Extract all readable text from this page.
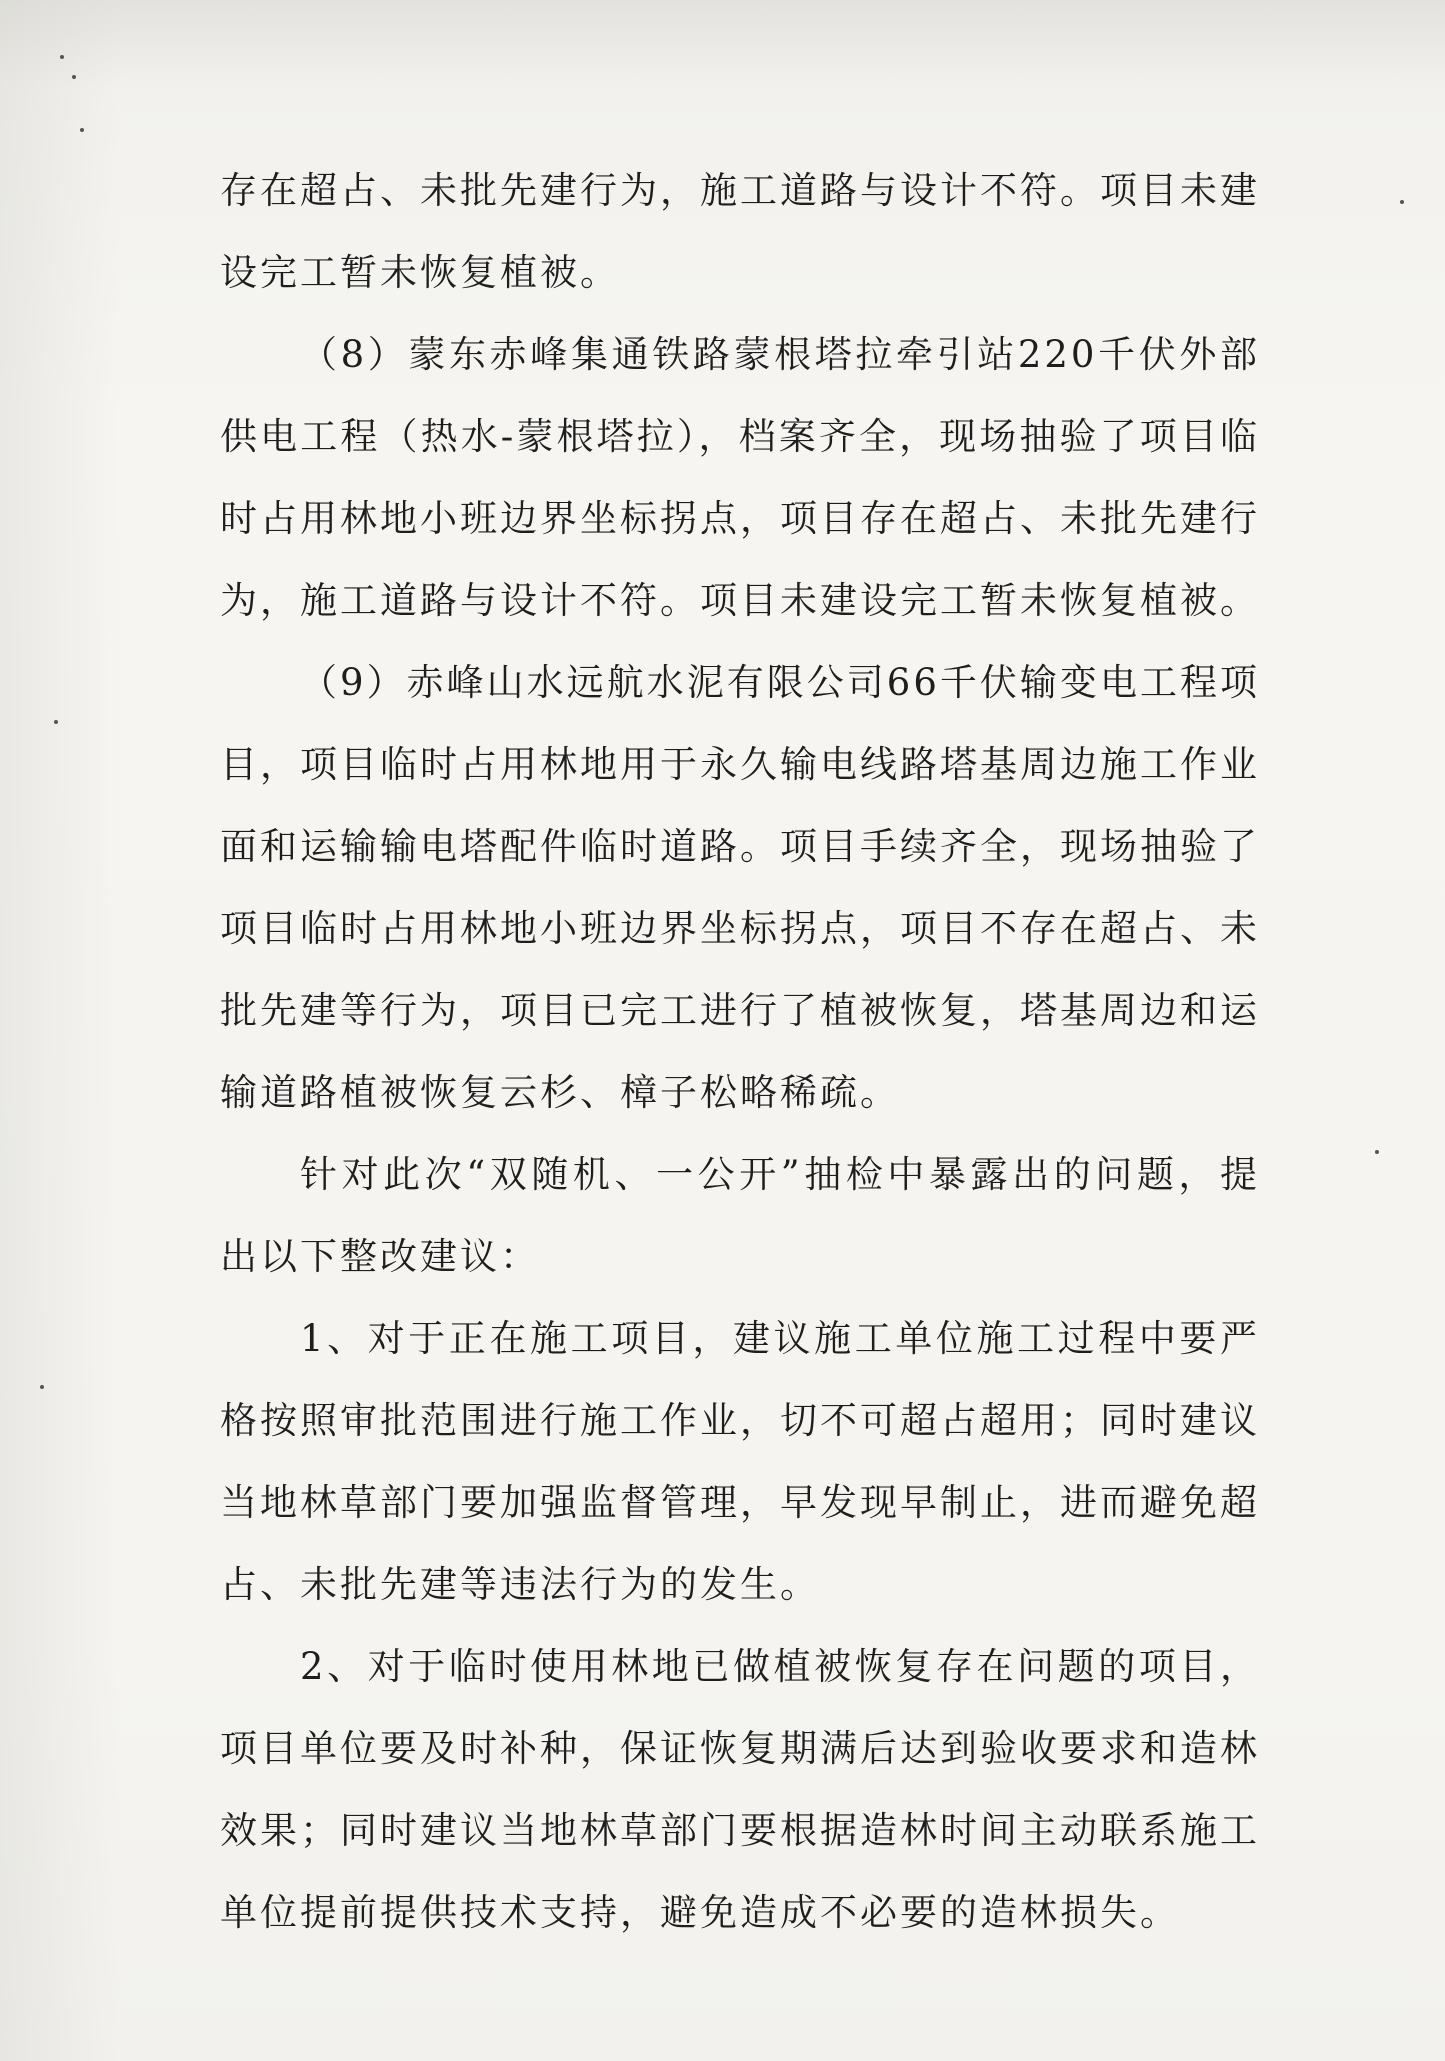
存在超占、未批先建行为，施工道路与设计不符。项目未建设完工暂未恢复植被。

（8）蒙东赤峰集通铁路蒙根塔拉牵引站220千伏外部供电工程（热水-蒙根塔拉），档案齐全，现场抽验了项目临时占用林地小班边界坐标拐点，项目存在超占、未批先建行为，施工道路与设计不符。项目未建设完工暂未恢复植被。

（9）赤峰山水远航水泥有限公司66千伏输变电工程项目，项目临时占用林地用于永久输电线路塔基周边施工作业面和运输输电塔配件临时道路。项目手续齐全，现场抽验了项目临时占用林地小班边界坐标拐点，项目不存在超占、未批先建等行为，项目已完工进行了植被恢复，塔基周边和运输道路植被恢复云杉、樟子松略稀疏。

针对此次“双随机、一公开”抽检中暴露出的问题，提出以下整改建议：

1、对于正在施工项目，建议施工单位施工过程中要严格按照审批范围进行施工作业，切不可超占超用；同时建议当地林草部门要加强监督管理，早发现早制止，进而避免超占、未批先建等违法行为的发生。

2、对于临时使用林地已做植被恢复存在问题的项目，项目单位要及时补种，保证恢复期满后达到验收要求和造林效果；同时建议当地林草部门要根据造林时间主动联系施工单位提前提供技术支持，避免造成不必要的造林损失。
